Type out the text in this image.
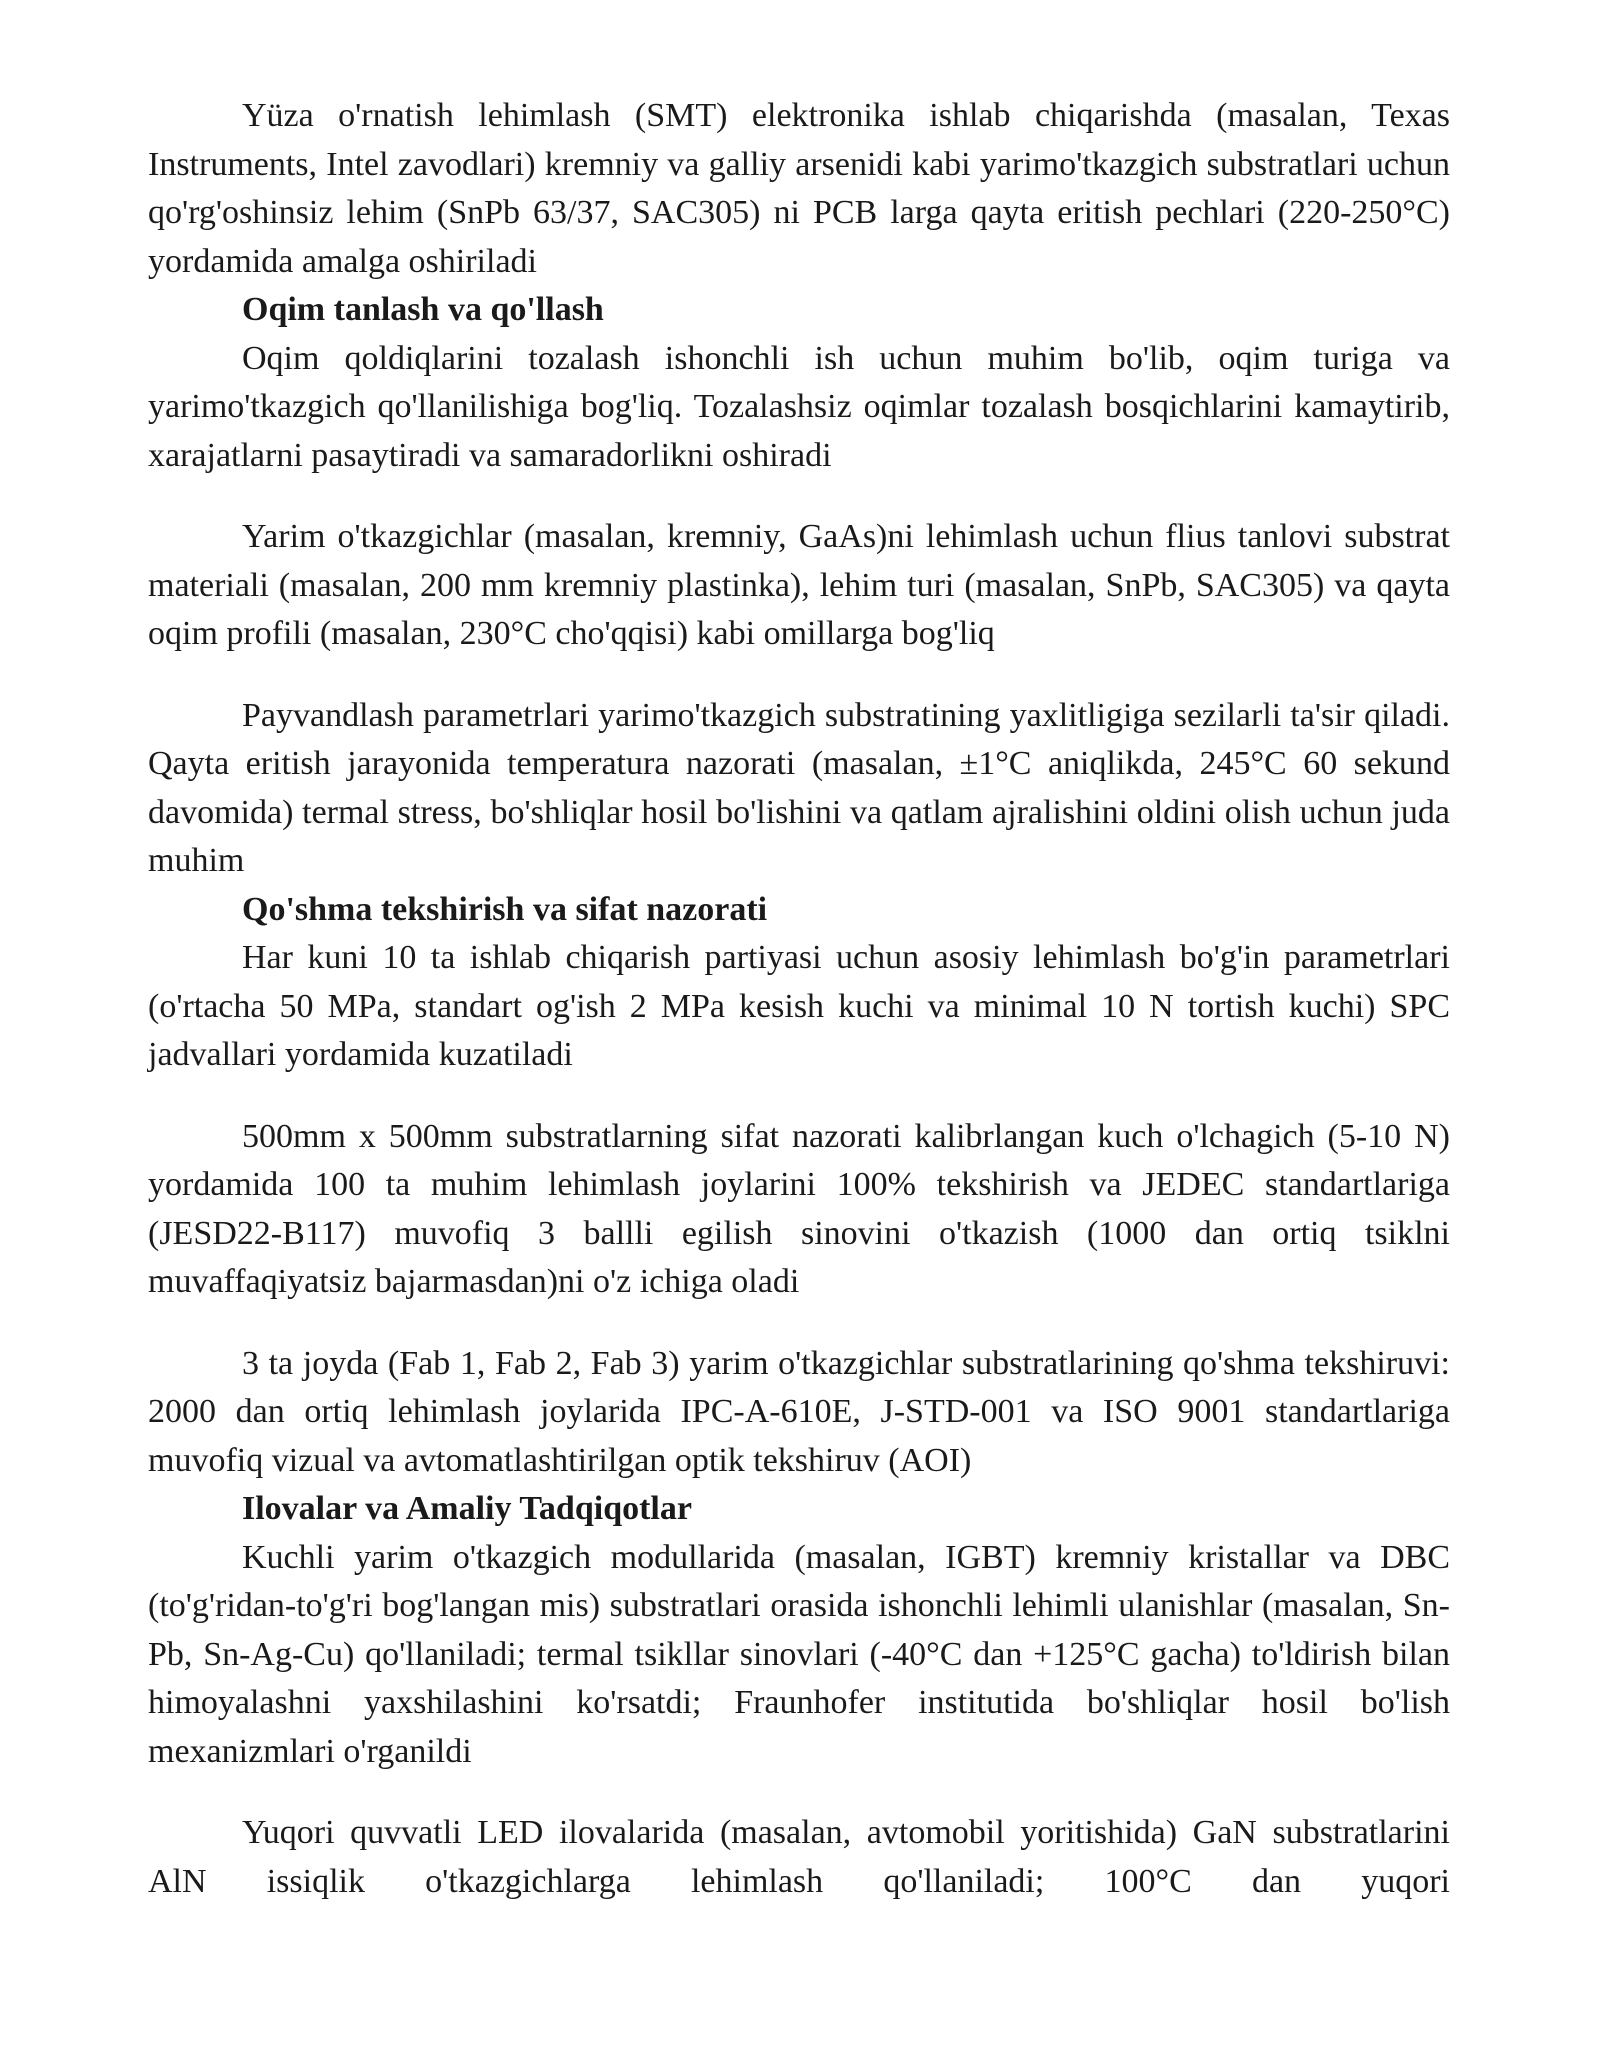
Yüza o'rnatish lehimlash (SMT) elektronika ishlab chiqarishda (masalan, Texas Instruments, Intel zavodlari) kremniy va galliy arsenidi kabi yarimo'tkazgich substratlari uchun qo'rg'oshinsiz lehim (SnPb 63/37, SAC305) ni PCB larga qayta eritish pechlari (220-250°C) yordamida amalga oshiriladi

Oqim tanlash va qo'llash

Oqim qoldiqlarini tozalash ishonchli ish uchun muhim bo'lib, oqim turiga va yarimo'tkazgich qo'llanilishiga bog'liq. Tozalashsiz oqimlar tozalash bosqichlarini kamaytirib, xarajatlarni pasaytiradi va samaradorlikni oshiradi

Yarim o'tkazgichlar (masalan, kremniy, GaAs)ni lehimlash uchun flius tanlovi substrat materiali (masalan, 200 mm kremniy plastinka), lehim turi (masalan, SnPb, SAC305) va qayta oqim profili (masalan, 230°C cho'qqisi) kabi omillarga bog'liq

Payvandlash parametrlari yarimo'tkazgich substratining yaxlitligiga sezilarli ta'sir qiladi. Qayta eritish jarayonida temperatura nazorati (masalan, ±1°C aniqlikda, 245°C 60 sekund davomida) termal stress, bo'shliqlar hosil bo'lishini va qatlam ajralishini oldini olish uchun juda muhim

Qo'shma tekshirish va sifat nazorati

Har kuni 10 ta ishlab chiqarish partiyasi uchun asosiy lehimlash bo'g'in parametrlari (o'rtacha 50 MPa, standart og'ish 2 MPa kesish kuchi va minimal 10 N tortish kuchi) SPC jadvallari yordamida kuzatiladi

500mm x 500mm substratlarning sifat nazorati kalibrlangan kuch o'lchagich (5-10 N) yordamida 100 ta muhim lehimlash joylarini 100% tekshirish va JEDEC standartlariga (JESD22-B117) muvofiq 3 ballli egilish sinovini o'tkazish (1000 dan ortiq tsiklni muvaffaqiyatsiz bajarmasdan)ni o'z ichiga oladi

3 ta joyda (Fab 1, Fab 2, Fab 3) yarim o'tkazgichlar substratlarining qo'shma tekshiruvi: 2000 dan ortiq lehimlash joylarida IPC-A-610E, J-STD-001 va ISO 9001 standartlariga muvofiq vizual va avtomatlashtirilgan optik tekshiruv (AOI)

Ilovalar va Amaliy Tadqiqotlar

Kuchli yarim o'tkazgich modullarida (masalan, IGBT) kremniy kristallar va DBC (to'g'ridan-to'g'ri bog'langan mis) substratlari orasida ishonchli lehimli ulanishlar (masalan, Sn-Pb, Sn-Ag-Cu) qo'llaniladi; termal tsikllar sinovlari (-40°C dan +125°C gacha) to'ldirish bilan himoyalashni yaxshilashini ko'rsatdi; Fraunhofer institutida bo'shliqlar hosil bo'lish mexanizmlari o'rganildi

Yuqori quvvatli LED ilovalarida (masalan, avtomobil yoritishida) GaN substratlarini AlN issiqlik o'tkazgichlarga lehimlash qo'llaniladi; 100°C dan yuqori
